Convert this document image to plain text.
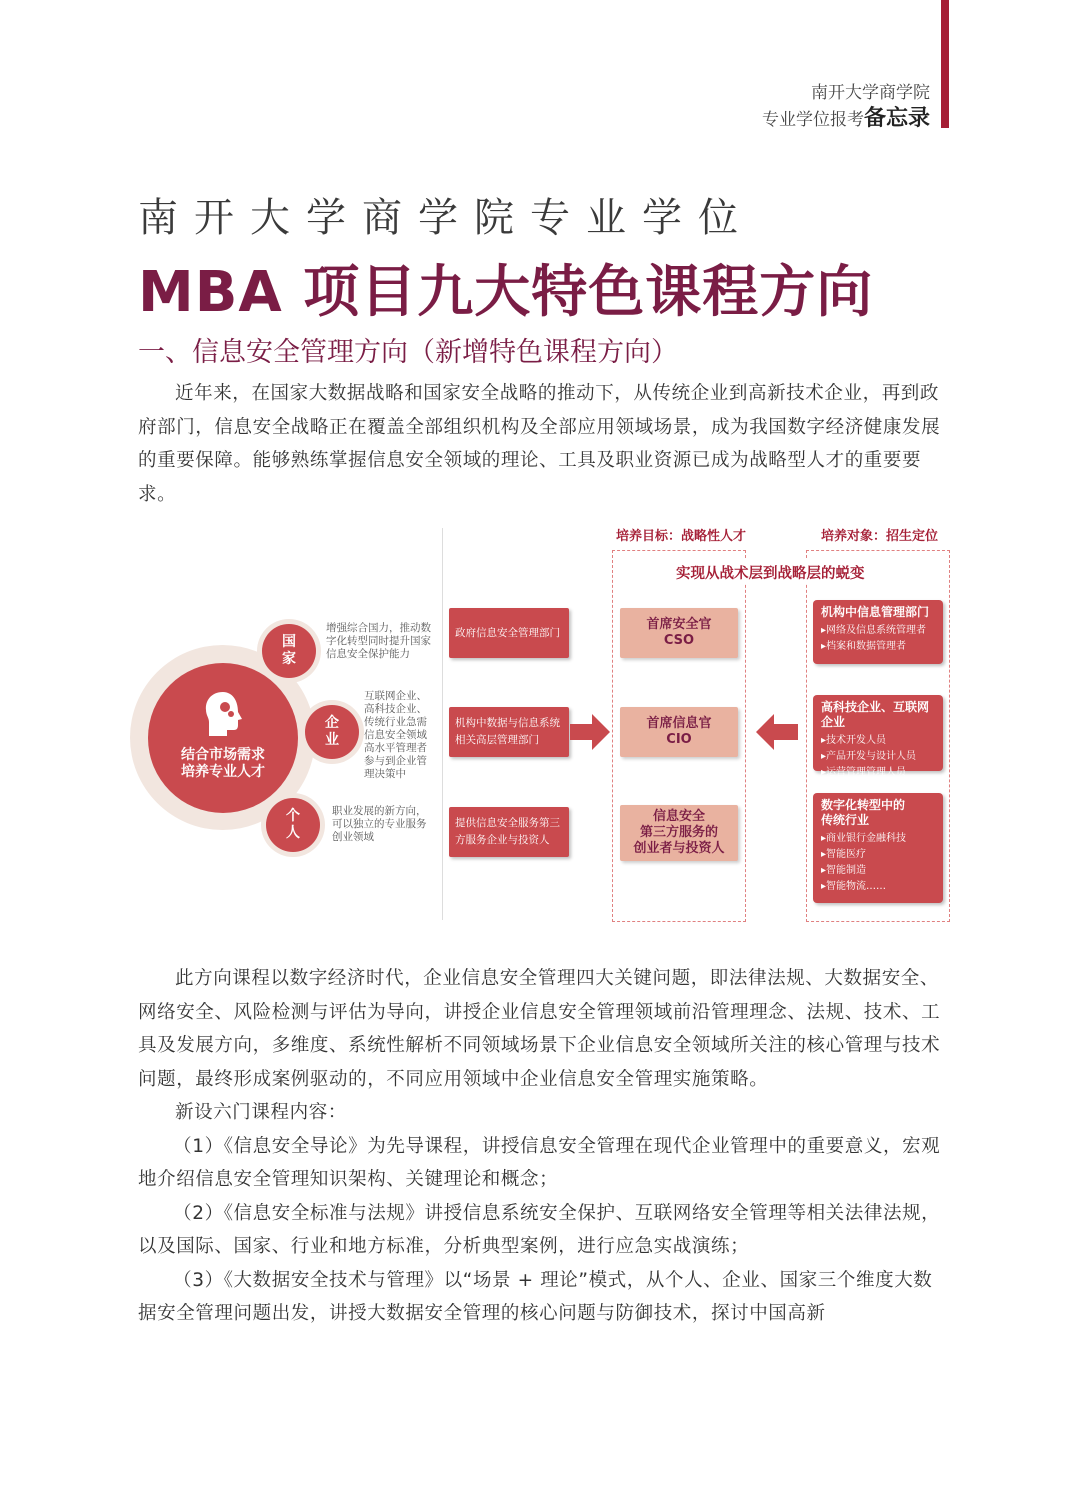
南开大学商学院
专业学位报考备忘录
南开大学商学院专业学位
MBA 项目九大特色课程方向
一、信息安全管理方向（新增特色课程方向）

近年来，在国家大数据战略和国家安全战略的推动下，从传统企业到高新技术企业，再到政府部门，信息安全战略正在覆盖全部组织机构及全部应用领域场景，成为我国数字经济健康发展的重要保障。能够熟练掌握信息安全领域的理论、工具及职业资源已成为战略型人才的重要要求。

培养目标：战略性人才	培养对象：招生定位
实现从战术层到战略层的蜕变
结合市场需求
培养专业人才
国
家
增强综合国力，推动数字化转型同时提升国家信息安全保护能力
企
业
互联网企业、高科技企业、传统行业急需信息安全领域高水平管理者参与到企业管理决策中
个
人
职业发展的新方向，可以独立的专业服务创业领域
政府信息安全管理部门
机构中数据与信息系统相关高层管理部门
提供信息安全服务第三方服务企业与投资人
首席安全官
CSO
首席信息官
CIO
信息安全
第三方服务的
创业者与投资人
机构中信息管理部门
▸ 网络及信息系统管理者
▸ 档案和数据管理者
高科技企业、互联网企业
▸ 技术开发人员
▸ 产品开发与设计人员
▸ 运营管理管理人员
数字化转型中的
传统行业
▸ 商业银行金融科技
▸ 智能医疗
▸ 智能制造
▸ 智能物流……

此方向课程以数字经济时代，企业信息安全管理四大关键问题，即法律法规、大数据安全、网络安全、风险检测与评估为导向，讲授企业信息安全管理领域前沿管理理念、法规、技术、工具及发展方向，多维度、系统性解析不同领域场景下企业信息安全领域所关注的核心管理与技术问题，最终形成案例驱动的，不同应用领域中企业信息安全管理实施策略。

新设六门课程内容：

（1）《信息安全导论》为先导课程，讲授信息安全管理在现代企业管理中的重要意义，宏观地介绍信息安全管理知识架构、关键理论和概念；

（2）《信息安全标准与法规》讲授信息系统安全保护、互联网络安全管理等相关法律法规，以及国际、国家、行业和地方标准，分析典型案例，进行应急实战演练；

（3）《大数据安全技术与管理》以“场景 + 理论”模式，从个人、企业、国家三个维度大数据安全管理问题出发，讲授大数据安全管理的核心问题与防御技术，探讨中国高新
